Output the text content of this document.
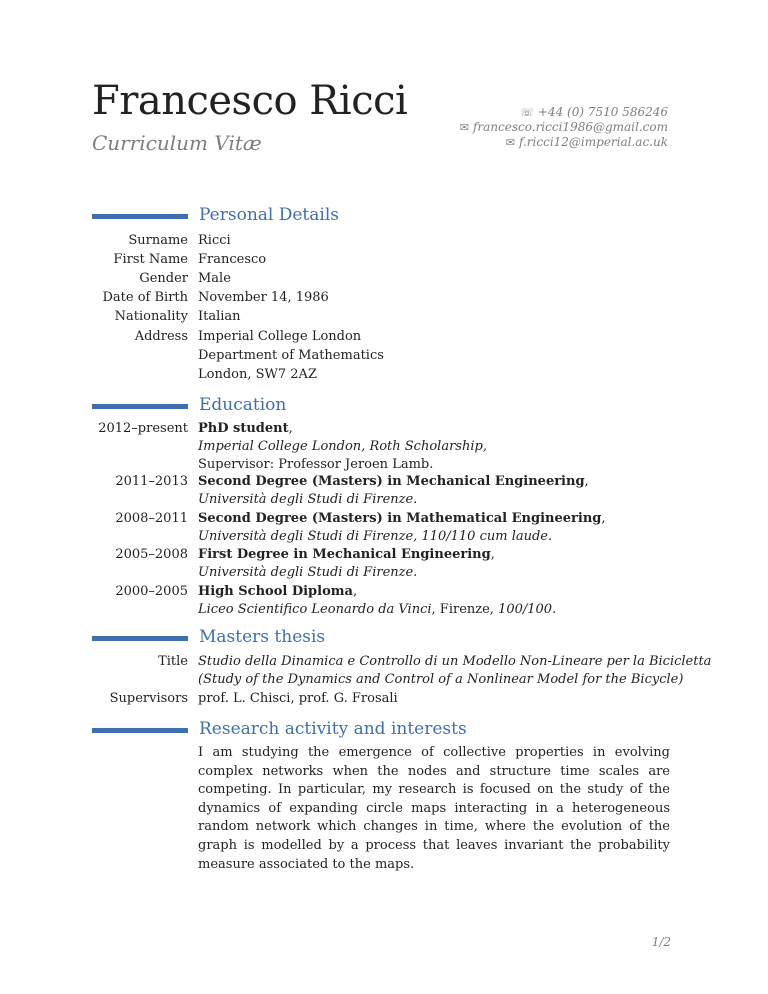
Francesco Ricci
Curriculum Vitæ
☏ +44 (0) 7510 586246
✉ francesco.ricci1986@gmail.com
✉ f.ricci12@imperial.ac.uk
Personal Details
Surname Ricci
First Name Francesco
Gender Male
Date of Birth November 14, 1986
Nationality Italian
Address Imperial College London
Department of Mathematics
London, SW7 2AZ
Education
2012–present PhD student,
Imperial College London, Roth Scholarship,
Supervisor: Professor Jeroen Lamb.
2011–2013 Second Degree (Masters) in Mechanical Engineering,
Università degli Studi di Firenze.
2008–2011 Second Degree (Masters) in Mathematical Engineering,
Università degli Studi di Firenze, 110/110 cum laude.
2005–2008 First Degree in Mechanical Engineering,
Università degli Studi di Firenze.
2000–2005 High School Diploma,
Liceo Scientifico Leonardo da Vinci, Firenze, 100/100.
Masters thesis
Title Studio della Dinamica e Controllo di un Modello Non-Lineare per la Bicicletta
(Study of the Dynamics and Control of a Nonlinear Model for the Bicycle)
Supervisors prof. L. Chisci, prof. G. Frosali
Research activity and interests
I am studying the emergence of collective properties in evolving complex networks when the nodes and structure time scales are competing. In particular, my research is focused on the study of the dynamics of expanding circle maps interacting in a heterogeneous random network which changes in time, where the evolution of the graph is modelled by a process that leaves invariant the probability measure associated to the maps.
1/2
